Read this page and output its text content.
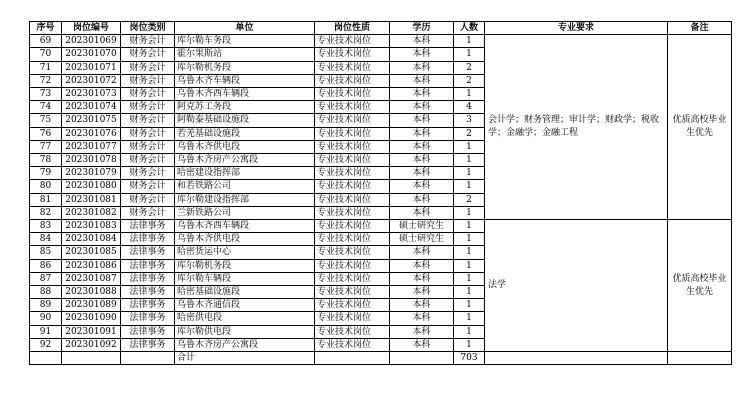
序号	岗位编号	岗位类别	单位	岗位性质	学历	人数	专业要求	备注
69	202301069	财务会计	库尔勒车务段	专业技术岗位	本科	1	会计学；财务管理；审计学；财政学；税收学；金融学；金融工程	优质高校毕业生优先
70	202301070	财务会计	霍尔果斯站	专业技术岗位	本科	1		
71	202301071	财务会计	库尔勒机务段	专业技术岗位	本科	2		
72	202301072	财务会计	乌鲁木齐车辆段	专业技术岗位	本科	2		
73	202301073	财务会计	乌鲁木齐西车辆段	专业技术岗位	本科	1		
74	202301074	财务会计	阿克苏工务段	专业技术岗位	本科	4		
75	202301075	财务会计	阿勒泰基础设施段	专业技术岗位	本科	3		
76	202301076	财务会计	若羌基础设施段	专业技术岗位	本科	2		
77	202301077	财务会计	乌鲁木齐供电段	专业技术岗位	本科	1		
78	202301078	财务会计	乌鲁木齐房产公寓段	专业技术岗位	本科	1		
79	202301079	财务会计	哈密建设指挥部	专业技术岗位	本科	1		
80	202301080	财务会计	和若铁路公司	专业技术岗位	本科	1		
81	202301081	财务会计	库尔勒建设指挥部	专业技术岗位	本科	2		
82	202301082	财务会计	兰新铁路公司	专业技术岗位	本科	1		
83	202301083	法律事务	乌鲁木齐西车辆段	专业技术岗位	硕士研究生	1	法学	优质高校毕业生优先
84	202301084	法律事务	乌鲁木齐供电段	专业技术岗位	硕士研究生	1		
85	202301085	法律事务	哈密货运中心	专业技术岗位	本科	1		
86	202301086	法律事务	库尔勒机务段	专业技术岗位	本科	1		
87	202301087	法律事务	库尔勒车辆段	专业技术岗位	本科	1		
88	202301088	法律事务	哈密基础设施段	专业技术岗位	本科	1		
89	202301089	法律事务	乌鲁木齐通信段	专业技术岗位	本科	1		
90	202301090	法律事务	哈密供电段	专业技术岗位	本科	1		
91	202301091	法律事务	库尔勒供电段	专业技术岗位	本科	1		
92	202301092	法律事务	乌鲁木齐房产公寓段	专业技术岗位	本科	1		
			合计			703		
